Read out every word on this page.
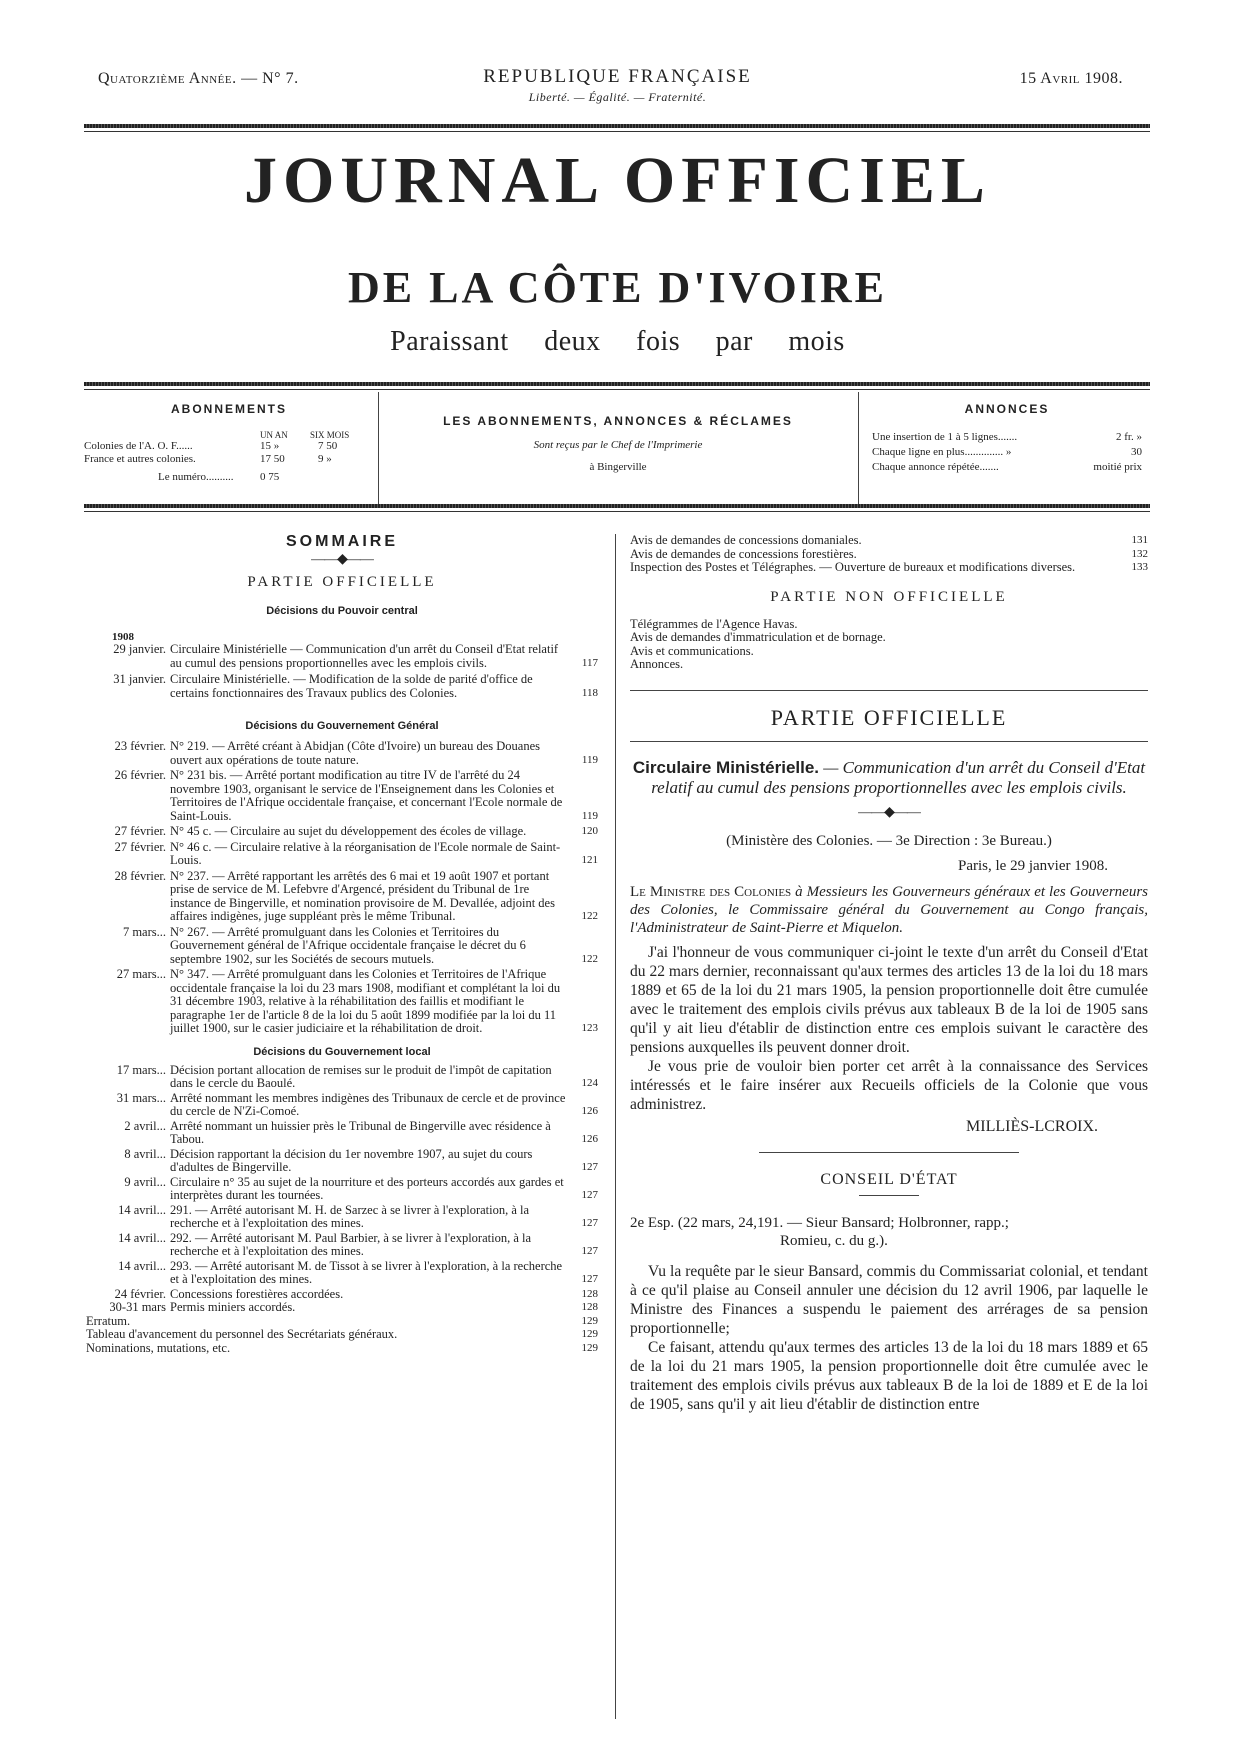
Quatorzième Année. — N° 7.	REPUBLIQUE FRANÇAISE
Liberté. — Égalité. — Fraternité.
15 Avril 1908.
JOURNAL OFFICIEL
DE LA CÔTE D'IVOIRE
Paraissant deux fois par mois
ABONNEMENTS
UN AN SIX MOIS
Colonies de l'A. O. F......	15 »	7 50
France et autres colonies.	17 50	9 »
Le numéro.......... 0 75
LES ABONNEMENTS, ANNONCES & RÉCLAMES
Sont reçus par le Chef de l'Imprimerie
à Bingerville
ANNONCES
Une insertion de 1 à 5 lignes.......	2 fr. »
Chaque ligne en plus.............. »	30
Chaque annonce répétée.......	moitié prix
SOMMAIRE
——◆——
PARTIE OFFICIELLE
Décisions du Pouvoir central
1908
29 janvier. Circulaire Ministérielle — Communication d'un arrêt du Conseil d'Etat relatif au cumul des pensions proportionnelles avec les emplois civils.	117
31 janvier. Circulaire Ministérielle. — Modification de la solde de parité d'office de certains fonctionnaires des Travaux publics des Colonies.	118
Décisions du Gouvernement Général
23 février. N° 219. — Arrêté créant à Abidjan (Côte d'Ivoire) un bureau des Douanes ouvert aux opérations de toute nature.	119
26 février. N° 231 bis. — Arrêté portant modification au titre IV de l'arrêté du 24 novembre 1903, organisant le service de l'Enseignement dans les Colonies et Territoires de l'Afrique occidentale française, et concernant l'Ecole normale de Saint-Louis.	119
27 février. N° 45 c. — Circulaire au sujet du développement des écoles de village.	120
27 février. N° 46 c. — Circulaire relative à la réorganisation de l'Ecole normale de Saint-Louis.	121
28 février. N° 237. — Arrêté rapportant les arrêtés des 6 mai et 19 août 1907 et portant prise de service de M. Lefebvre d'Argencé, président du Tribunal de 1re instance de Bingerville, et nomination provisoire de M. Devallée, adjoint des affaires indigènes, juge suppléant près le même Tribunal.	122
7 mars... N° 267. — Arrêté promulguant dans les Colonies et Territoires du Gouvernement général de l'Afrique occidentale française le décret du 6 septembre 1902, sur les Sociétés de secours mutuels.	122
27 mars... N° 347. — Arrêté promulguant dans les Colonies et Territoires de l'Afrique occidentale française la loi du 23 mars 1908, modifiant et complétant la loi du 31 décembre 1903, relative à la réhabilitation des faillis et modifiant le paragraphe 1er de l'article 8 de la loi du 5 août 1899 modifiée par la loi du 11 juillet 1900, sur le casier judiciaire et la réhabilitation de droit.	123
Décisions du Gouvernement local
17 mars... Décision portant allocation de remises sur le produit de l'impôt de capitation dans le cercle du Baoulé.	124
31 mars... Arrêté nommant les membres indigènes des Tribunaux de cercle et de province du cercle de N'Zi-Comoé.	126
2 avril... Arrêté nommant un huissier près le Tribunal de Bingerville avec résidence à Tabou.	126
8 avril... Décision rapportant la décision du 1er novembre 1907, au sujet du cours d'adultes de Bingerville.	127
9 avril... Circulaire n° 35 au sujet de la nourriture et des porteurs accordés aux gardes et interprètes durant les tournées.	127
14 avril... 291. — Arrêté autorisant M. H. de Sarzec à se livrer à l'exploration, à la recherche et à l'exploitation des mines.	127
14 avril... 292. — Arrêté autorisant M. Paul Barbier, à se livrer à l'exploration, à la recherche et à l'exploitation des mines.	127
14 avril... 293. — Arrêté autorisant M. de Tissot à se livrer à l'exploration, à la recherche et à l'exploitation des mines.	127
24 février. Concessions forestières accordées.	128
30-31 mars Permis miniers accordés.	128
Erratum.	129
Tableau d'avancement du personnel des Secrétariats généraux.	129
Nominations, mutations, etc.	129
Avis de demandes de concessions domaniales.	131
Avis de demandes de concessions forestières.	132
Inspection des Postes et Télégraphes. — Ouverture de bureaux et modifications diverses.	133
PARTIE NON OFFICIELLE
Télégrammes de l'Agence Havas.
Avis de demandes d'immatriculation et de bornage.
Avis et communications.
Annonces.
PARTIE OFFICIELLE
Circulaire Ministérielle. — Communication d'un arrêt du Conseil d'Etat relatif au cumul des pensions proportionnelles avec les emplois civils.
——◆——
(Ministère des Colonies. — 3e Direction : 3e Bureau.)
Paris, le 29 janvier 1908.
Le Ministre des Colonies à Messieurs les Gouverneurs généraux et les Gouverneurs des Colonies, le Commissaire général du Gouvernement au Congo français, l'Administrateur de Saint-Pierre et Miquelon.
J'ai l'honneur de vous communiquer ci-joint le texte d'un arrêt du Conseil d'Etat du 22 mars dernier, reconnaissant qu'aux termes des articles 13 de la loi du 18 mars 1889 et 65 de la loi du 21 mars 1905, la pension proportionnelle doit être cumulée avec le traitement des emplois civils prévus aux tableaux B de la loi de 1905 sans qu'il y ait lieu d'établir de distinction entre ces emplois suivant le caractère des pensions auxquelles ils peuvent donner droit.
Je vous prie de vouloir bien porter cet arrêt à la connaissance des Services intéressés et le faire insérer aux Recueils officiels de la Colonie que vous administrez.
MILLIÈS-LCROIX.
CONSEIL D'ÉTAT
2e Esp. (22 mars, 24,191. — Sieur Bansard; Holbronner, rapp.;
Romieu, c. du g.).
Vu la requête par le sieur Bansard, commis du Commissariat colonial, et tendant à ce qu'il plaise au Conseil annuler une décision du 12 avril 1906, par laquelle le Ministre des Finances a suspendu le paiement des arrérages de sa pension proportionnelle;
Ce faisant, attendu qu'aux termes des articles 13 de la loi du 18 mars 1889 et 65 de la loi du 21 mars 1905, la pension proportionnelle doit être cumulée avec le traitement des emplois civils prévus aux tableaux B de la loi de 1889 et E de la loi de 1905, sans qu'il y ait lieu d'établir de distinction entre
